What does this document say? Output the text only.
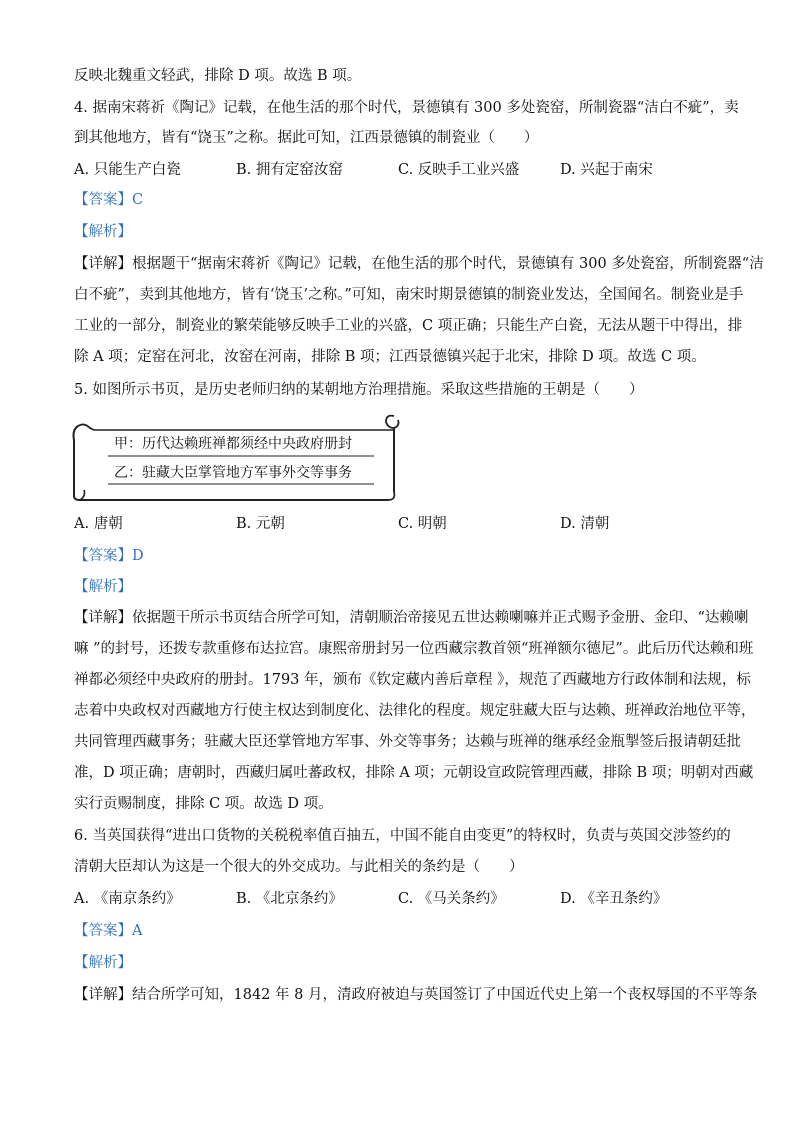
反映北魏重文轻武，排除 D 项。故选 B 项。
4. 据南宋蒋祈《陶记》记载，在他生活的那个时代，景德镇有 300 多处瓷窑，所制瓷器“洁白不疵”，卖
到其他地方，皆有“饶玉”之称。据此可知，江西景德镇的制瓷业（　　）
A. 只能生产白瓷	B. 拥有定窑汝窑	C. 反映手工业兴盛	D. 兴起于南宋
【答案】C
【解析】
【详解】根据题干“据南宋蒋祈《陶记》记载，在他生活的那个时代，景德镇有 300 多处瓷窑，所制瓷器“洁
白不疵”，卖到其他地方，皆有‘饶玉’之称。”可知，南宋时期景德镇的制瓷业发达，全国闻名。制瓷业是手
工业的一部分，制瓷业的繁荣能够反映手工业的兴盛，C 项正确；只能生产白瓷，无法从题干中得出，排
除 A 项；定窑在河北，汝窑在河南，排除 B 项；江西景德镇兴起于北宋，排除 D 项。故选 C 项。
5. 如图所示书页，是历史老师归纳的某朝地方治理措施。采取这些措施的王朝是（　　）
甲：历代达赖班禅都须经中央政府册封
乙：驻藏大臣掌管地方军事外交等事务
A. 唐朝	B. 元朝	C. 明朝	D. 清朝
【答案】D
【解析】
【详解】依据题干所示书页结合所学可知，清朝顺治帝接见五世达赖喇嘛并正式赐予金册、金印、“达赖喇
嘛 ”的封号，还拨专款重修布达拉宫。康熙帝册封另一位西藏宗教首领“班禅额尔德尼”。此后历代达赖和班
禅都必须经中央政府的册封。1793 年，颁布《钦定藏内善后章程 》，规范了西藏地方行政体制和法规，标
志着中央政权对西藏地方行使主权达到制度化、法律化的程度。规定驻藏大臣与达赖、班禅政治地位平等，
共同管理西藏事务；驻藏大臣还掌管地方军事、外交等事务；达赖与班禅的继承经金瓶掣签后报请朝廷批
准，D 项正确；唐朝时，西藏归属吐蕃政权，排除 A 项；元朝设宣政院管理西藏，排除 B 项；明朝对西藏
实行贡赐制度，排除 C 项。故选 D 项。
6. 当英国获得“进出口货物的关税税率值百抽五，中国不能自由变更”的特权时，负责与英国交涉签约的
清朝大臣却认为这是一个很大的外交成功。与此相关的条约是（　　）
A. 《南京条约》	B. 《北京条约》	C. 《马关条约》	D. 《辛丑条约》
【答案】A
【解析】
【详解】结合所学可知，1842 年 8 月，清政府被迫与英国签订了中国近代史上第一个丧权辱国的不平等条
